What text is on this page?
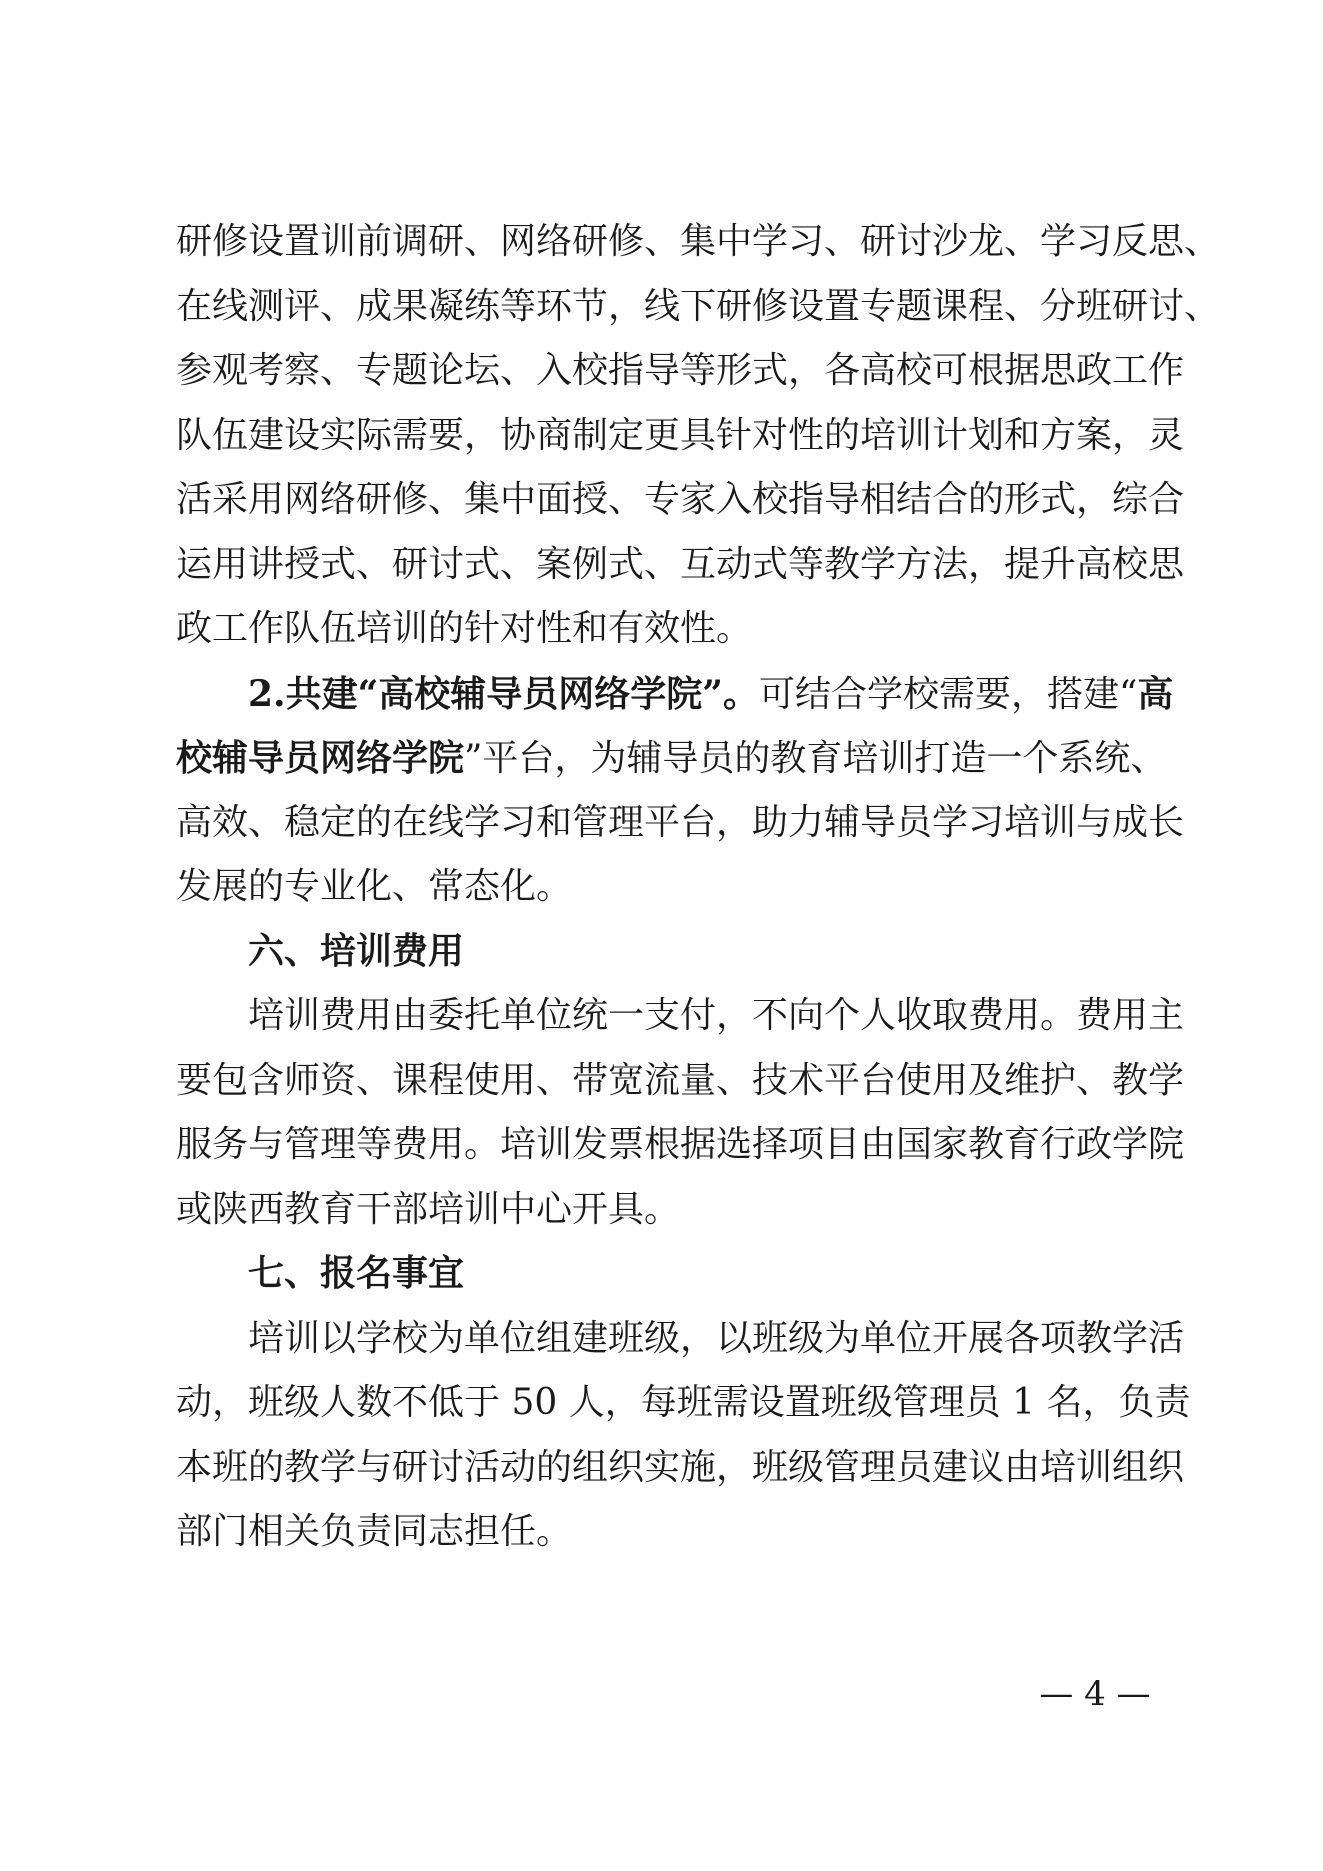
研修设置训前调研、网络研修、集中学习、研讨沙龙、学习反思、
在线测评、成果凝练等环节，线下研修设置专题课程、分班研讨、
参观考察、专题论坛、入校指导等形式，各高校可根据思政工作
队伍建设实际需要，协商制定更具针对性的培训计划和方案，灵
活采用网络研修、集中面授、专家入校指导相结合的形式，综合
运用讲授式、研讨式、案例式、互动式等教学方法，提升高校思
政工作队伍培训的针对性和有效性。
2.共建“高校辅导员网络学院”。可结合学校需要，搭建“高
校辅导员网络学院”平台，为辅导员的教育培训打造一个系统、
高效、稳定的在线学习和管理平台，助力辅导员学习培训与成长
发展的专业化、常态化。
六、培训费用
培训费用由委托单位统一支付，不向个人收取费用。费用主
要包含师资、课程使用、带宽流量、技术平台使用及维护、教学
服务与管理等费用。培训发票根据选择项目由国家教育行政学院
或陕西教育干部培训中心开具。
七、报名事宜
培训以学校为单位组建班级，以班级为单位开展各项教学活
动，班级人数不低于 50 人，每班需设置班级管理员 1 名，负责
本班的教学与研讨活动的组织实施，班级管理员建议由培训组织
部门相关负责同志担任。
— 4 —
